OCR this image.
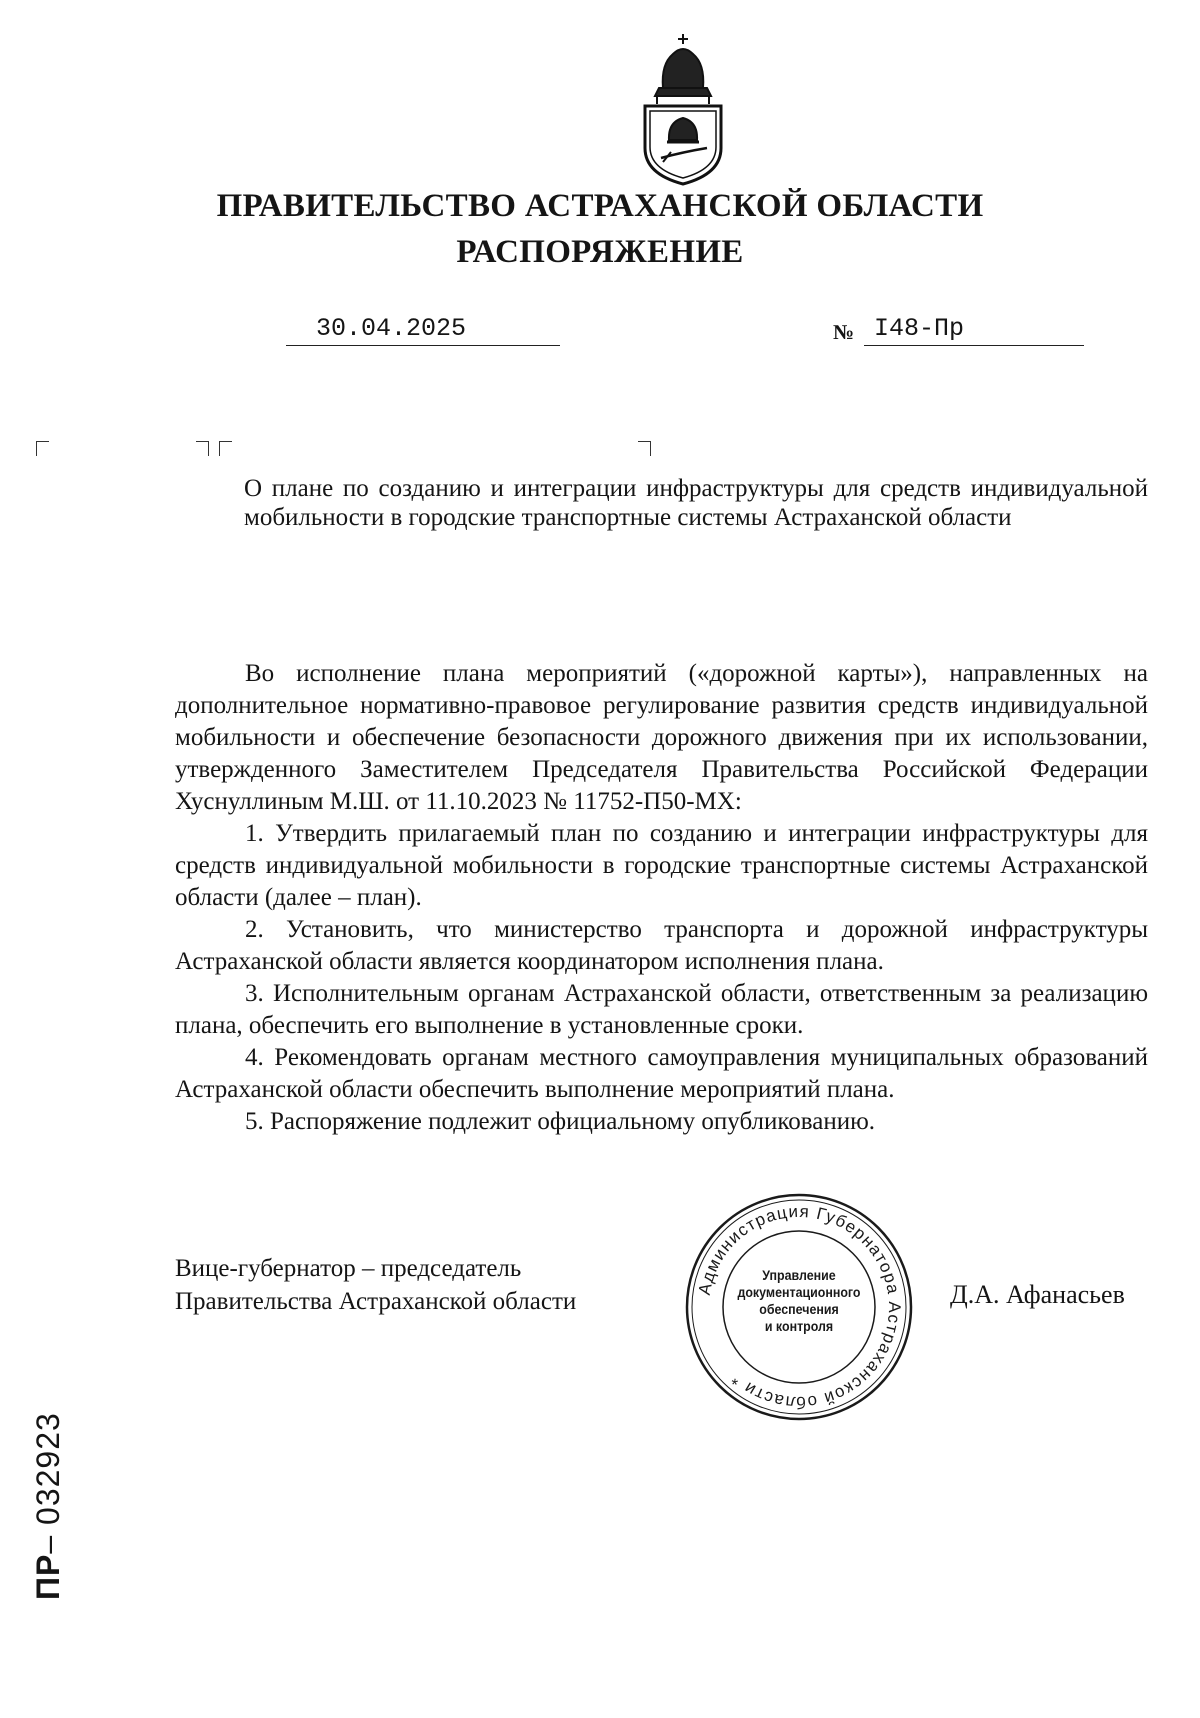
ПРАВИТЕЛЬСТВО АСТРАХАНСКОЙ ОБЛАСТИ
РАСПОРЯЖЕНИЕ
30.04.2025	№ I48-Пр
О плане по созданию и интеграции инфраструктуры для средств индивидуальной мобильности в городские транспортные системы Астраханской области

Во исполнение плана мероприятий («дорожной карты»), направленных на дополнительное нормативно-правовое регулирование развития средств индивидуальной мобильности и обеспечение безопасности дорожного движения при их использовании, утвержденного Заместителем Председателя Правительства Российской Федерации Хуснуллиным М.Ш. от 11.10.2023 № 11752-П50-МХ:

1. Утвердить прилагаемый план по созданию и интеграции инфраструктуры для средств индивидуальной мобильности в городские транспортные системы Астраханской области (далее – план).

2. Установить, что министерство транспорта и дорожной инфраструктуры Астраханской области является координатором исполнения плана.

3. Исполнительным органам Астраханской области, ответственным за реализацию плана, обеспечить его выполнение в установленные сроки.

4. Рекомендовать органам местного самоуправления муниципальных образований Астраханской области обеспечить выполнение мероприятий плана.

5. Распоряжение подлежит официальному опубликованию.

Вице-губернатор – председатель
Правительства Астраханской области	Администрация Губернатора Астраханской области *
Управление
документационного
обеспечения
и контроля
Д.А. Афанасьев
ПР– 032923
